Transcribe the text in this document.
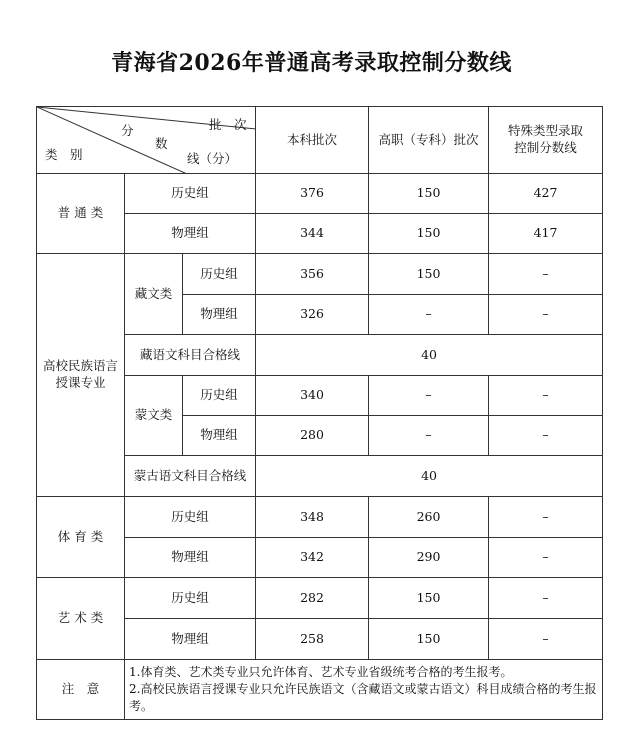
青海省2026年普通高考录取控制分数线
批　次
分
数
线（分）
类　别			本科批次	高职（专科）批次	特殊类型录取控制分数线
普 通 类	历史组		376	150	427
	物理组		344	150	417
高校民族语言授课专业	藏文类	历史组	356	150	–
		物理组	326	–	–
	藏语文科目合格线		40		
	蒙文类	历史组	340	–	–
		物理组	280	–	–
	蒙古语文科目合格线		40		
体 育 类	历史组		348	260	–
	物理组		342	290	–
艺 术 类	历史组		282	150	–
	物理组		258	150	–
注　意	1.体育类、艺术类专业只允许体育、艺术专业省级统考合格的考生报考。
2.高校民族语言授课专业只允许民族语文（含藏语文或蒙古语文）科目成绩合格的考生报考。				
